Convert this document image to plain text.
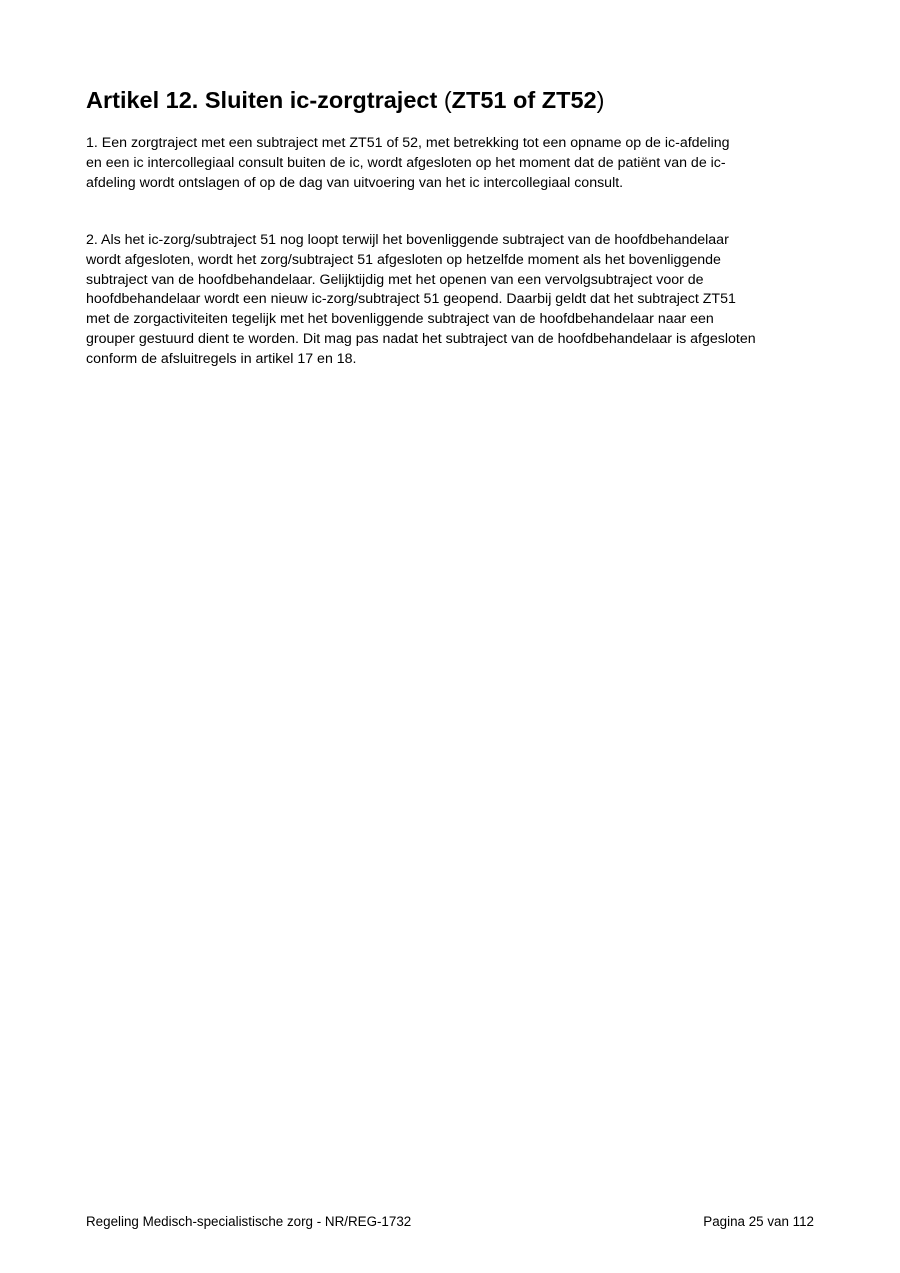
Artikel 12. Sluiten ic-zorgtraject (ZT51 of ZT52)
1. Een zorgtraject met een subtraject met ZT51 of 52, met betrekking tot een opname op de ic-afdeling
en een ic intercollegiaal consult buiten de ic, wordt afgesloten op het moment dat de patiënt van de ic-
afdeling wordt ontslagen of op de dag van uitvoering van het ic intercollegiaal consult.
2. Als het ic-zorg/subtraject 51 nog loopt terwijl het bovenliggende subtraject van de hoofdbehandelaar
wordt afgesloten, wordt het zorg/subtraject 51 afgesloten op hetzelfde moment als het bovenliggende
subtraject van de hoofdbehandelaar. Gelijktijdig met het openen van een vervolgsubtraject voor de
hoofdbehandelaar wordt een nieuw ic-zorg/subtraject 51 geopend. Daarbij geldt dat het subtraject ZT51
met de zorgactiviteiten tegelijk met het bovenliggende subtraject van de hoofdbehandelaar naar een
grouper gestuurd dient te worden. Dit mag pas nadat het subtraject van de hoofdbehandelaar is afgesloten
conform de afsluitregels in artikel 17 en 18.
Regeling Medisch-specialistische zorg - NR/REG-1732	Pagina 25 van 112
